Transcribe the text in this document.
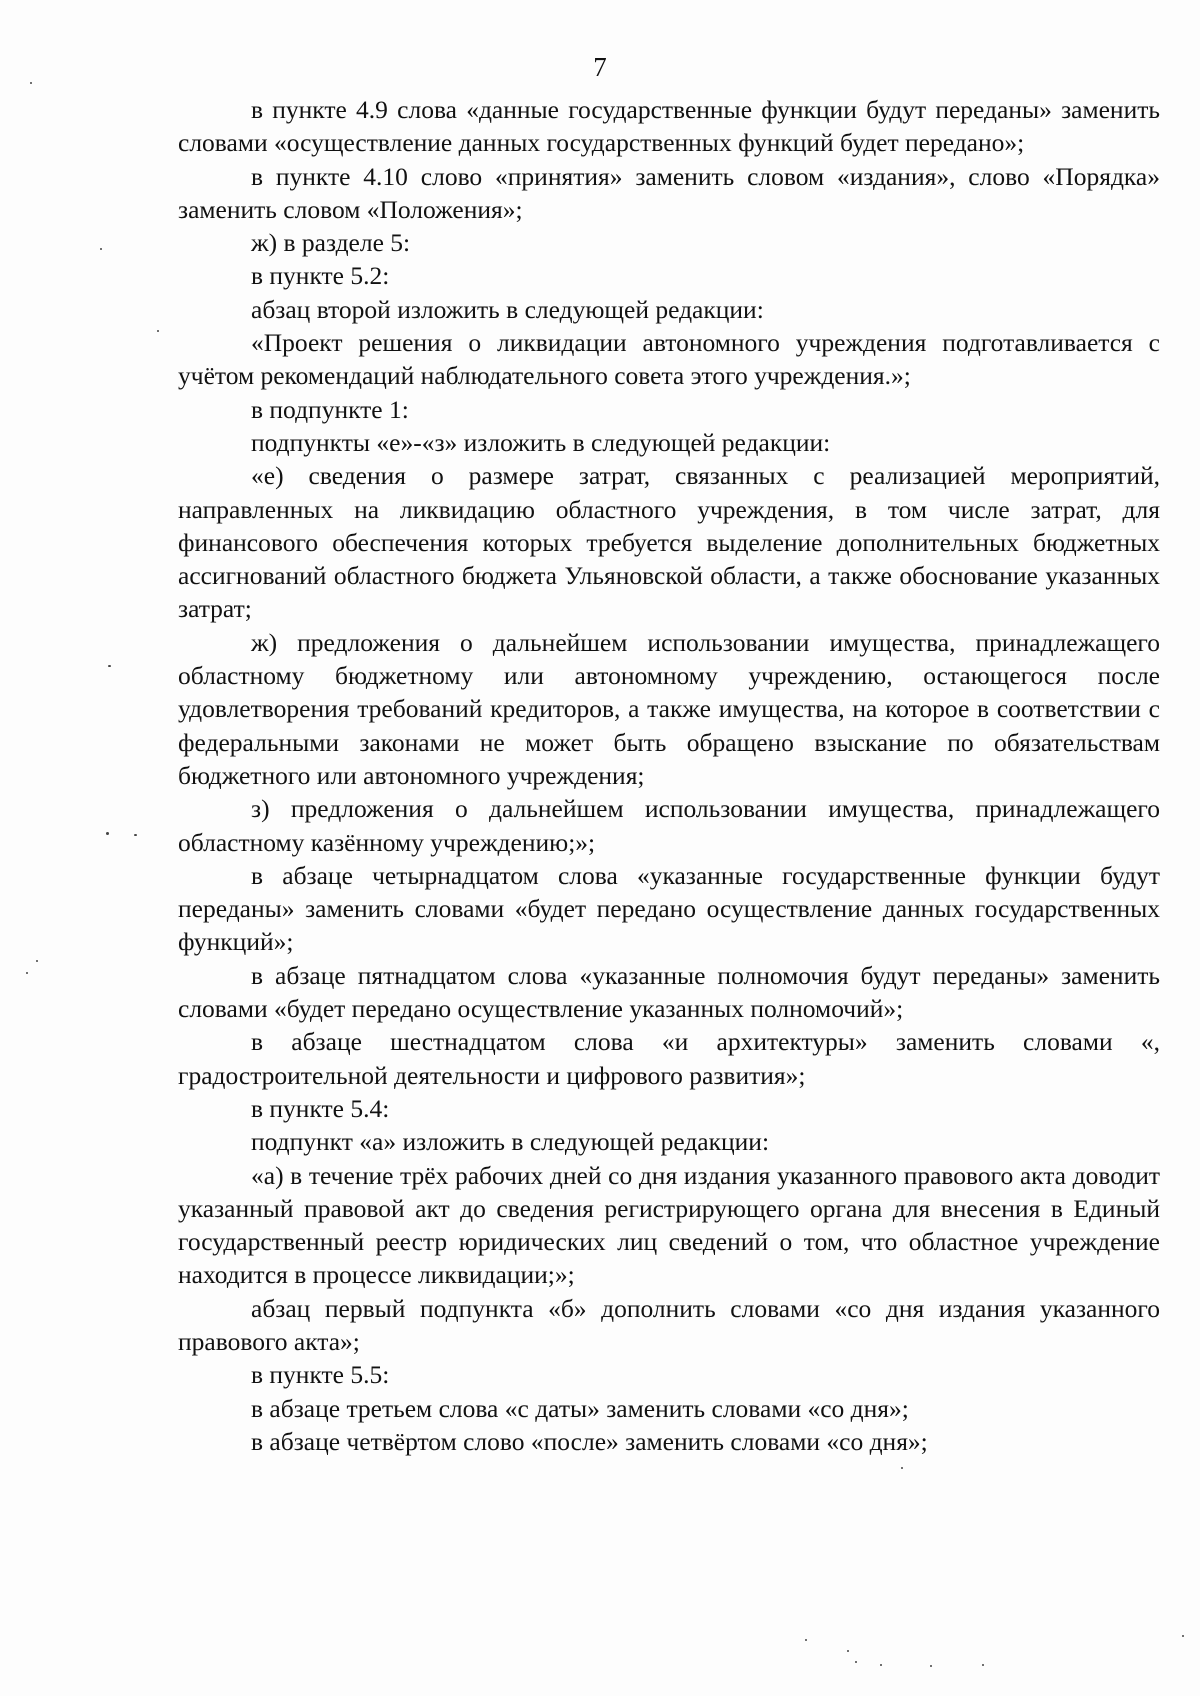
7

в пункте 4.9 слова «данные государственные функции будут переданы» заменить словами «осуществление данных государственных функций будет передано»;

в пункте 4.10 слово «принятия» заменить словом «издания», слово «Порядка» заменить словом «Положения»;

ж) в разделе 5:

в пункте 5.2:

абзац второй изложить в следующей редакции:

«Проект решения о ликвидации автономного учреждения подготавливается с учётом рекомендаций наблюдательного совета этого учреждения.»;

в подпункте 1:

подпункты «е»-«з» изложить в следующей редакции:

«е) сведения о размере затрат, связанных с реализацией мероприятий, направленных на ликвидацию областного учреждения, в том числе затрат, для финансового обеспечения которых требуется выделение дополнительных бюджетных ассигнований областного бюджета Ульяновской области, а также обоснование указанных затрат;

ж) предложения о дальнейшем использовании имущества, принадлежащего областному бюджетному или автономному учреждению, остающегося после удовлетворения требований кредиторов, а также имущества, на которое в соответствии с федеральными законами не может быть обращено взыскание по обязательствам бюджетного или автономного учреждения;

з) предложения о дальнейшем использовании имущества, принадлежащего областному казённому учреждению;»;

в абзаце четырнадцатом слова «указанные государственные функции будут переданы» заменить словами «будет передано осуществление данных государственных функций»;

в абзаце пятнадцатом слова «указанные полномочия будут переданы» заменить словами «будет передано осуществление указанных полномочий»;

в абзаце шестнадцатом слова «и архитектуры» заменить словами «, градостроительной деятельности и цифрового развития»;

в пункте 5.4:

подпункт «а» изложить в следующей редакции:

«а) в течение трёх рабочих дней со дня издания указанного правового акта доводит указанный правовой акт до сведения регистрирующего органа для внесения в Единый государственный реестр юридических лиц сведений о том, что областное учреждение находится в процессе ликвидации;»;

абзац первый подпункта «б» дополнить словами «со дня издания указанного правового акта»;

в пункте 5.5:

в абзаце третьем слова «с даты» заменить словами «со дня»;

в абзаце четвёртом слово «после» заменить словами «со дня»;
